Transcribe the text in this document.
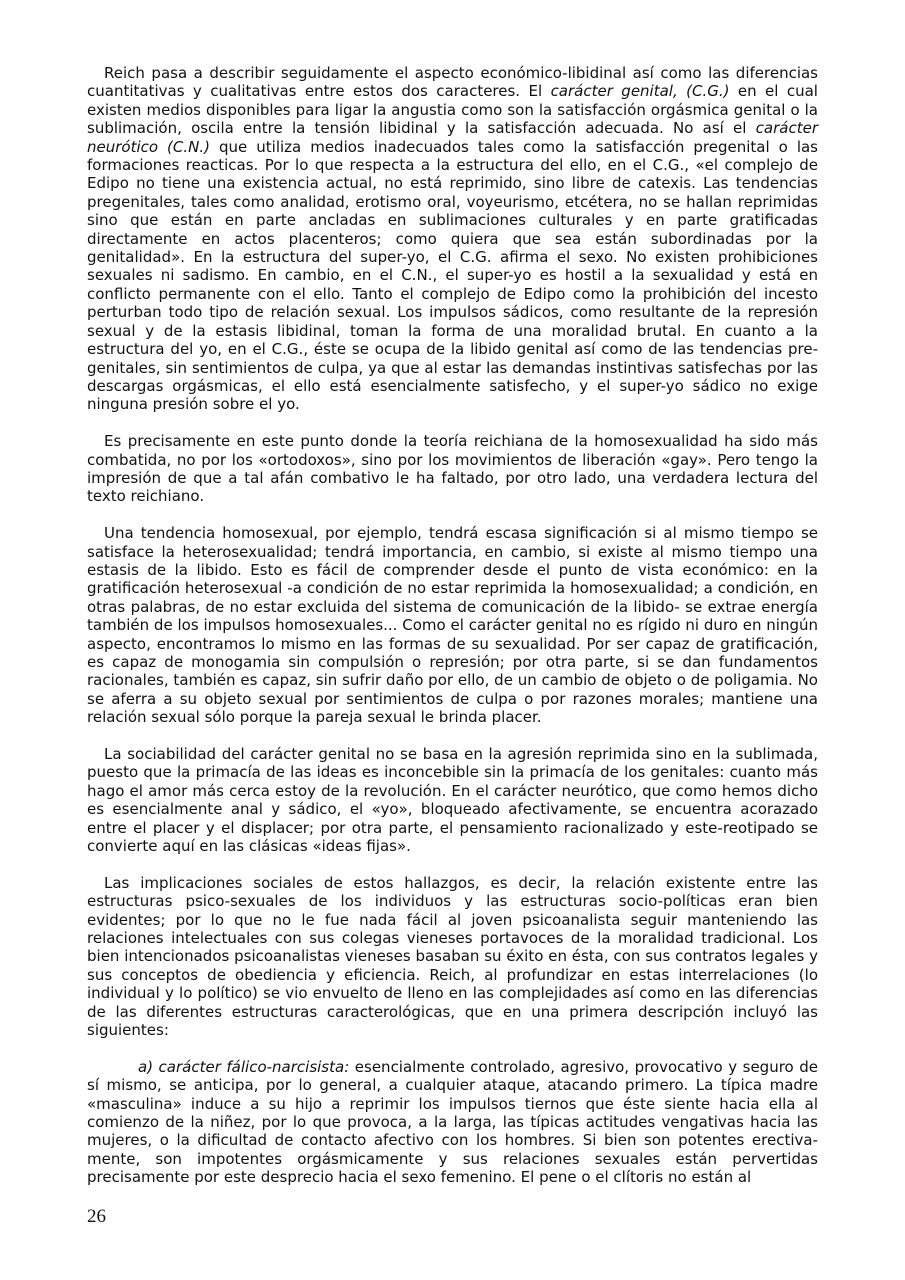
Reich pasa a describir seguidamente el aspecto económico-libidinal así como las diferencias cuantitativas y cualitativas entre estos dos caracteres. El carácter genital, (C.G.) en el cual existen medios disponibles para ligar la angustia como son la satisfacción orgásmica genital o la sublimación, oscila entre la tensión libidinal y la satisfacción adecuada. No así el carácter neurótico (C.N.) que utiliza medios inadecuados tales como la satisfacción pregenital o las formaciones reacticas. Por lo que respecta a la estructura del ello, en el C.G., «el complejo de Edipo no tiene una existencia actual, no está reprimido, sino libre de catexis. Las tendencias pregenitales, tales como analidad, erotismo oral, voyeurismo, etcétera, no se hallan reprimidas sino que están en parte ancladas en sublimaciones culturales y en parte gratificadas directamente en actos placenteros; como quiera que sea están subordinadas por la genitalidad». En la estructura del super-yo, el C.G. afirma el sexo. No existen prohibiciones sexuales ni sadismo. En cambio, en el C.N., el super-yo es hostil a la sexualidad y está en conflicto permanente con el ello. Tanto el complejo de Edipo como la prohibición del incesto perturban todo tipo de relación sexual. Los impulsos sádicos, como resultante de la represión sexual y de la estasis libidinal, toman la forma de una moralidad brutal. En cuanto a la estructura del yo, en el C.G., éste se ocupa de la libido genital así como de las tendencias pre-genitales, sin sentimientos de culpa, ya que al estar las demandas instintivas satisfechas por las descargas orgásmicas, el ello está esencialmente satisfecho, y el super-yo sádico no exige ninguna presión sobre el yo.

Es precisamente en este punto donde la teoría reichiana de la homosexualidad ha sido más combatida, no por los «ortodoxos», sino por los movimientos de liberación «gay». Pero tengo la impresión de que a tal afán combativo le ha faltado, por otro lado, una verdadera lectura del texto reichiano.

Una tendencia homosexual, por ejemplo, tendrá escasa significación si al mismo tiempo se satisface la heterosexualidad; tendrá importancia, en cambio, si existe al mismo tiempo una estasis de la libido. Esto es fácil de comprender desde el punto de vista económico: en la gratificación heterosexual -a condición de no estar reprimida la homosexualidad; a condición, en otras palabras, de no estar excluida del sistema de comunicación de la libido- se extrae energía también de los impulsos homosexuales... Como el carácter genital no es rígido ni duro en ningún aspecto, encontramos lo mismo en las formas de su sexualidad. Por ser capaz de gratificación, es capaz de monogamia sin compulsión o represión; por otra parte, si se dan fundamentos racionales, también es capaz, sin sufrir daño por ello, de un cambio de objeto o de poligamia. No se aferra a su objeto sexual por sentimientos de culpa o por razones morales; mantiene una relación sexual sólo porque la pareja sexual le brinda placer.

La sociabilidad del carácter genital no se basa en la agresión reprimida sino en la sublimada, puesto que la primacía de las ideas es inconcebible sin la primacía de los genitales: cuanto más hago el amor más cerca estoy de la revolución. En el carácter neurótico, que como hemos dicho es esencialmente anal y sádico, el «yo», bloqueado afectivamente, se encuentra acorazado entre el placer y el displacer; por otra parte, el pensamiento racionalizado y este-reotipado se convierte aquí en las clásicas «ideas fijas».

Las implicaciones sociales de estos hallazgos, es decir, la relación existente entre las estructuras psico-sexuales de los individuos y las estructuras socio-políticas eran bien evidentes; por lo que no le fue nada fácil al joven psicoanalista seguir manteniendo las relaciones intelectuales con sus colegas vieneses portavoces de la moralidad tradicional. Los bien intencionados psicoanalistas vieneses basaban su éxito en ésta, con sus contratos legales y sus conceptos de obediencia y eficiencia. Reich, al profundizar en estas interrelaciones (lo individual y lo político) se vio envuelto de lleno en las complejidades así como en las diferencias de las diferentes estructuras caracterológicas, que en una primera descripción incluyó las siguientes:

a) carácter fálico-narcisista: esencialmente controlado, agresivo, provocativo y seguro de sí mismo, se anticipa, por lo general, a cualquier ataque, atacando primero. La típica madre «masculina» induce a su hijo a reprimir los impulsos tiernos que éste siente hacia ella al comienzo de la niñez, por lo que provoca, a la larga, las típicas actitudes vengativas hacia las mujeres, o la dificultad de contacto afectivo con los hombres. Si bien son potentes erectiva-mente, son impotentes orgásmicamente y sus relaciones sexuales están pervertidas precisamente por este desprecio hacia el sexo femenino. El pene o el clítoris no están al

26
